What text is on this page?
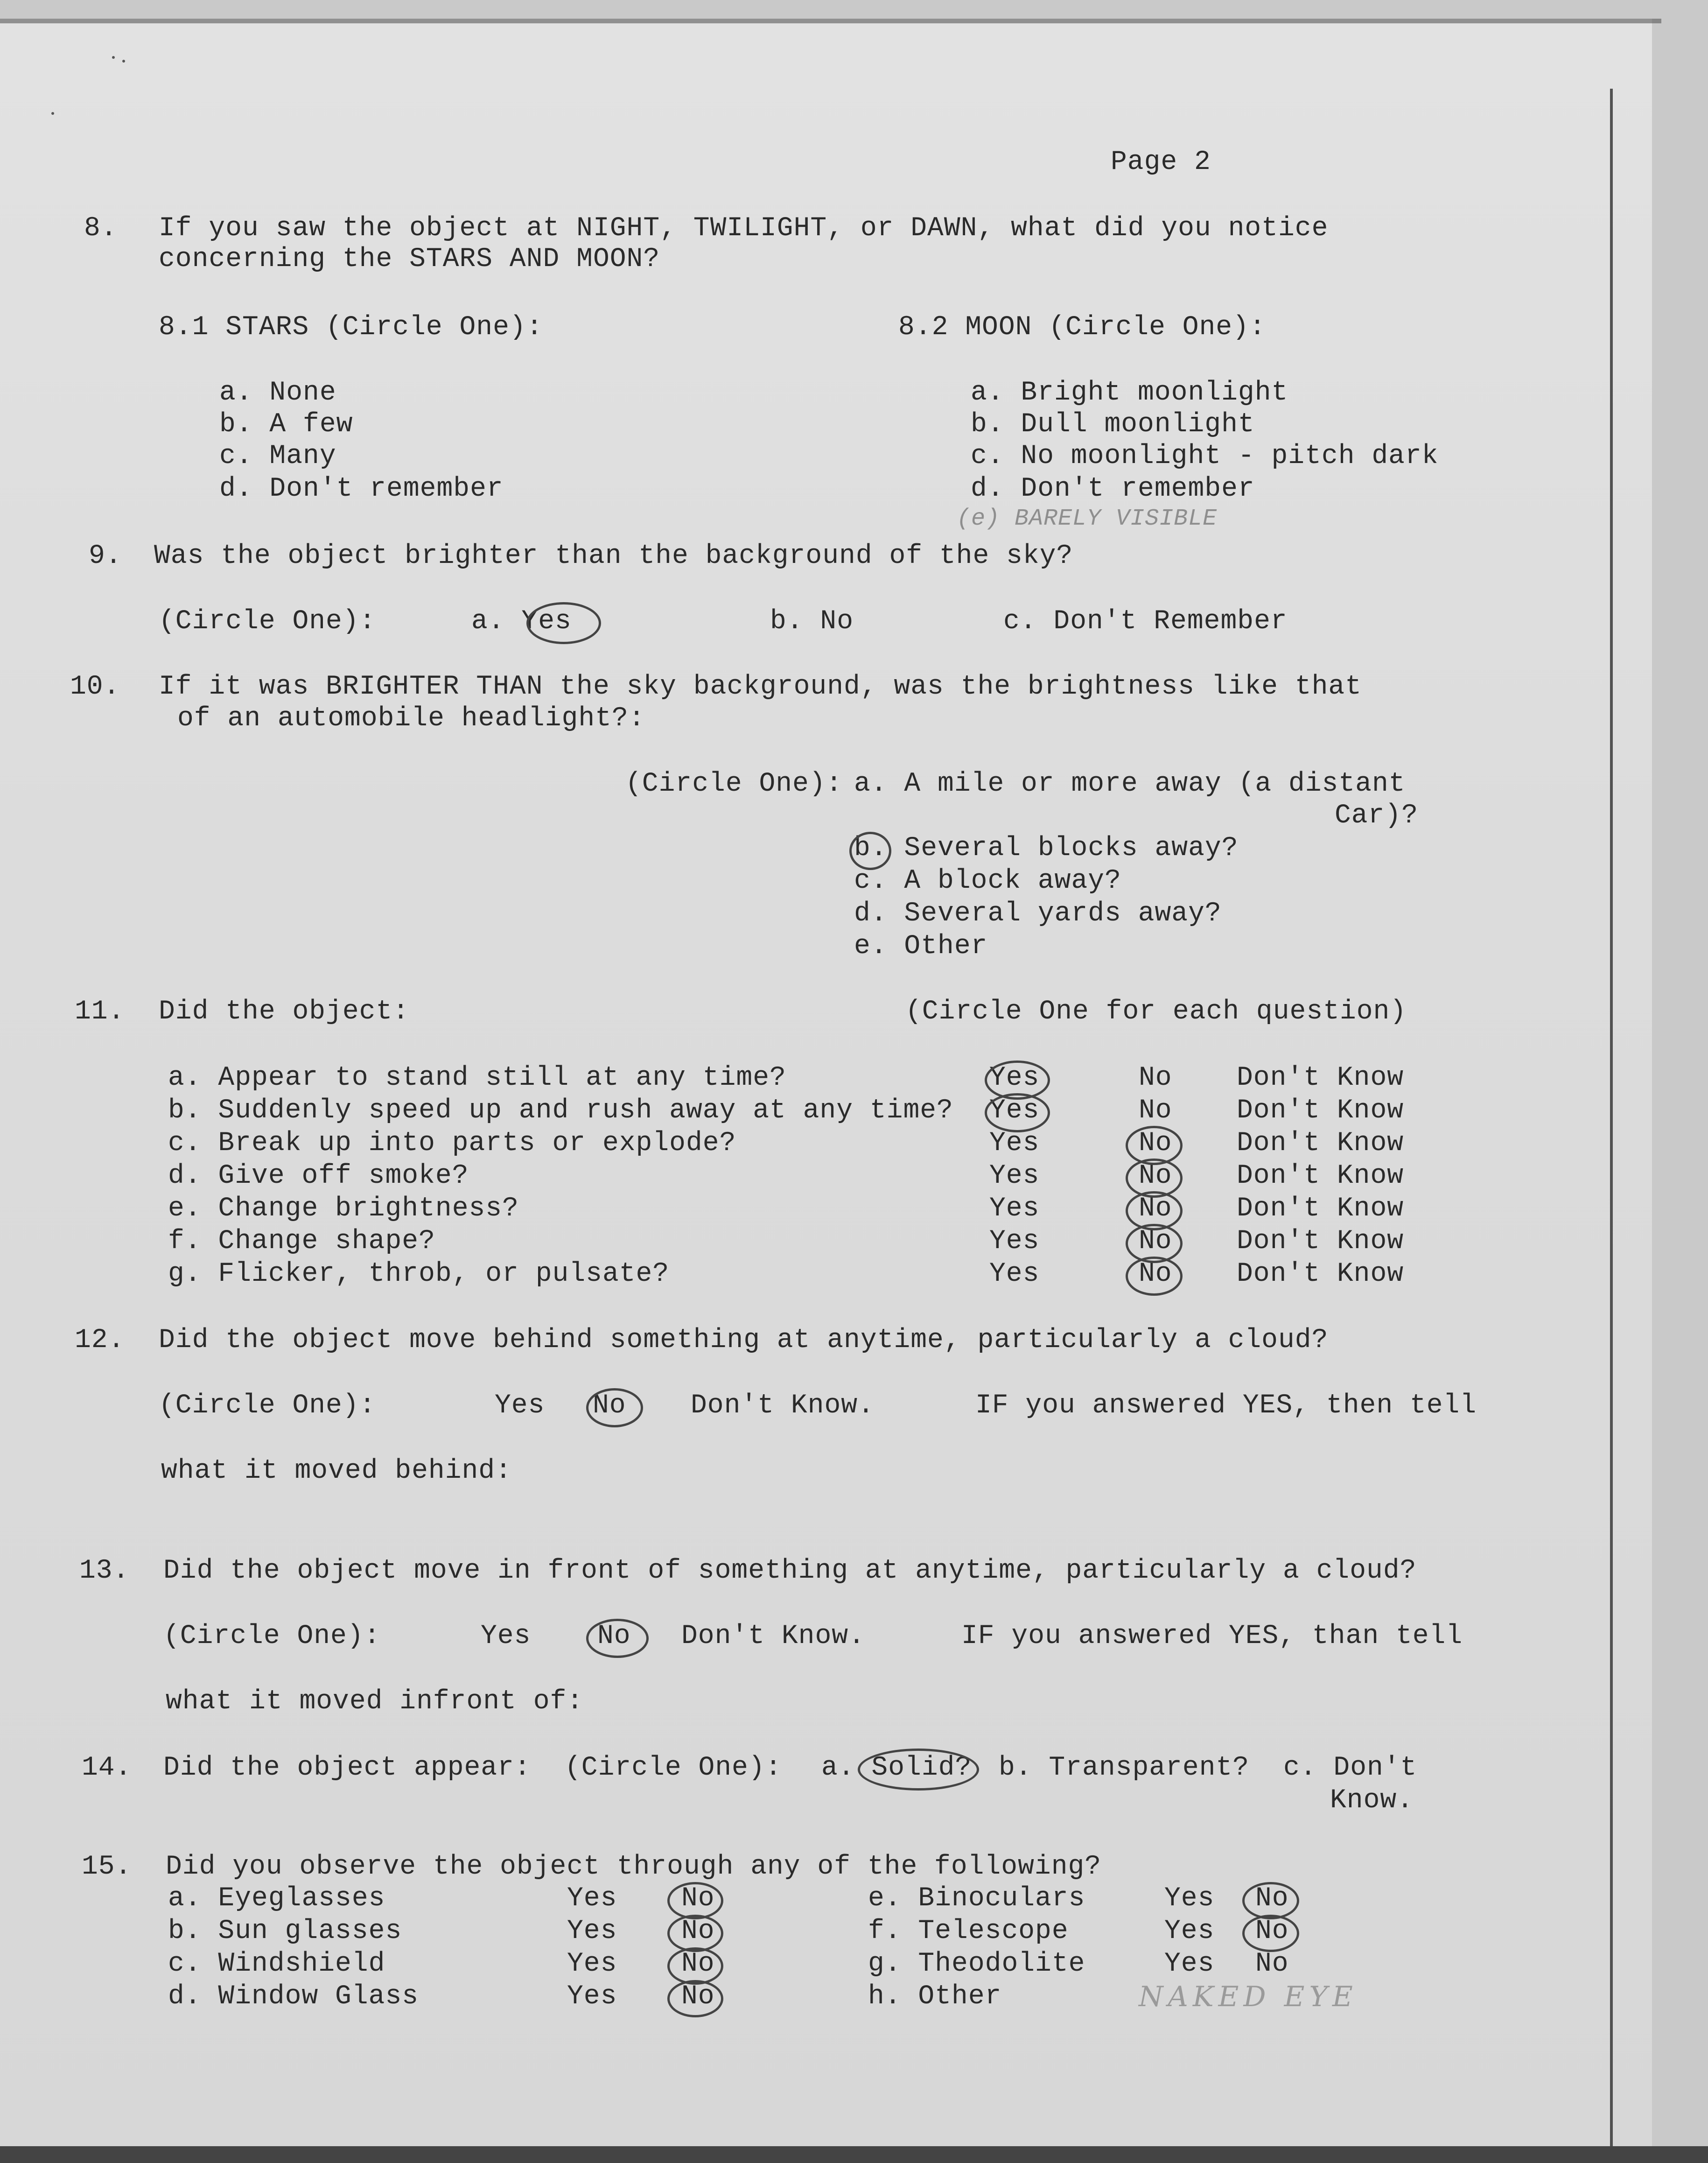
Page 2
8. If you saw the object at NIGHT, TWILIGHT, or DAWN, what did you notice
concerning the STARS AND MOON?
8.1 STARS (Circle One):
a. None
b. A few
c. Many
d. Don't remember
8.2 MOON (Circle One):
a. Bright moonlight
b. Dull moonlight
c. No moonlight - pitch dark
d. Don't remember
(e) BARELY VISIBLE
9. Was the object brighter than the background of the sky?
(Circle One):	a. Yes	b. No	c. Don't Remember
10. If it was BRIGHTER THAN the sky background, was the brightness like that
of an automobile headlight?:
(Circle One): a. A mile or more away (a distant
Car)?
b. Several blocks away?
c. A block away?
d. Several yards away?
e. Other
11. Did the object:	(Circle One for each question)
a. Appear to stand still at any time?	Yes	No Don't Know
b. Suddenly speed up and rush away at any time? Yes	No Don't Know
c. Break up into parts or explode?	Yes	No Don't Know
d. Give off smoke?	Yes	No Don't Know
e. Change brightness?	Yes	No Don't Know
f. Change shape?	Yes	No Don't Know
g. Flicker, throb, or pulsate?	Yes	No Don't Know
12. Did the object move behind something at anytime, particularly a cloud?
(Circle One):	Yes No Don't Know.	IF you answered YES, then tell
what it moved behind:
13. Did the object move in front of something at anytime, particularly a cloud?
(Circle One):	Yes No Don't Know.	IF you answered YES, than tell
what it moved infront of:
14. Did the object appear: (Circle One): a. Solid? b. Transparent? c. Don't
Know.
15. Did you observe the object through any of the following?
a. Eyeglasses	Yes No
b. Sun glasses	Yes No
c. Windshield	Yes No
d. Window Glass	Yes No
e. Binoculars	Yes No
f. Telescope	Yes No
g. Theodolite	Yes No
h. Other	NAKED EYE
